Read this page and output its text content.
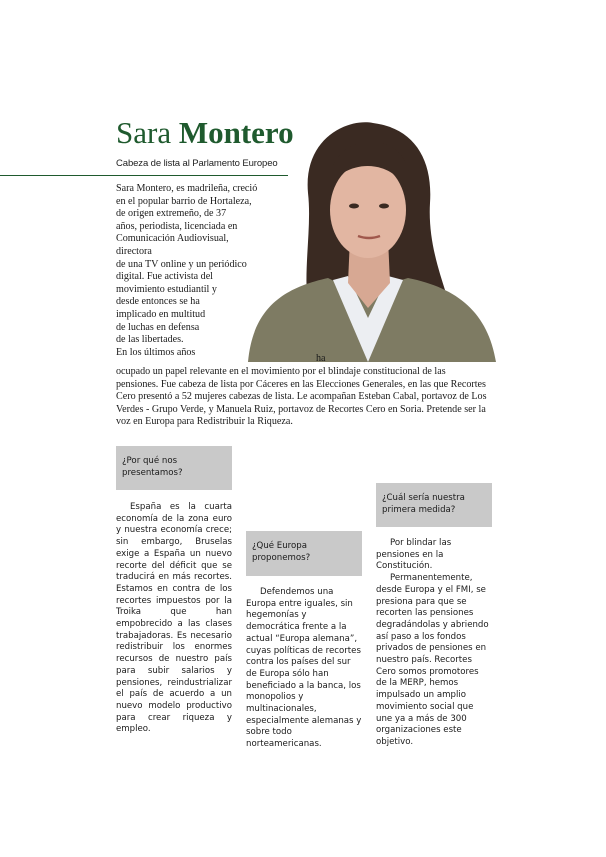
Sara Montero
Cabeza de lista al Parlamento Europeo
Sara Montero, es madrileña, creció
en el popular barrio de Hortaleza,
de origen extremeño, de 37
años, periodista, licenciada en
Comunicación Audiovisual, directora
de una TV online y un periódico
digital. Fue activista del
movimiento estudiantil y
desde entonces se ha
implicado en multitud
de luchas en defensa
de las libertades.
En los últimos años
ha
ocupado un papel relevante en el movimiento por el blindaje constitucional de las pensiones. Fue cabeza de lista por Cáceres en las Elecciones Generales, en las que Recortes Cero presentó a 52 mujeres cabezas de lista. Le acompañan Esteban Cabal, portavoz de Los Verdes - Grupo Verde, y Manuela Ruiz, portavoz de Recortes Cero en Soria. Pretende ser la voz en Europa para Redistribuir la Riqueza.
¿Por qué nos presentamos?

España es la cuarta economía de la zona euro y nuestra economía crece; sin embargo, Bruselas exige a España un nuevo recorte del déficit que se traducirá en más recortes. Estamos en contra de los recortes impuestos por la Troika que han empobrecido a las clases trabajadoras. Es necesario redistribuir los enormes recursos de nuestro país para subir salarios y pensiones, reindustrializar el país de acuerdo a un nuevo modelo productivo para crear riqueza y empleo.

¿Qué Europa proponemos?

Defendemos una Europa entre iguales, sin hegemonías y democrática frente a la actual “Europa alemana”, cuyas políticas de recortes contra los países del sur de Europa sólo han beneficiado a la banca, los monopolios y multinacionales, especialmente alemanas y sobre todo norteamericanas.

¿Cuál sería nuestra primera medida?

Por blindar las pensiones en la Constitución.

Permanentemente, desde Europa y el FMI, se presiona para que se recorten las pensiones degradándolas y abriendo así paso a los fondos privados de pensiones en nuestro país. Recortes Cero somos promotores de la MERP, hemos impulsado un amplio movimiento social que une ya a más de 300 organizaciones este objetivo.
